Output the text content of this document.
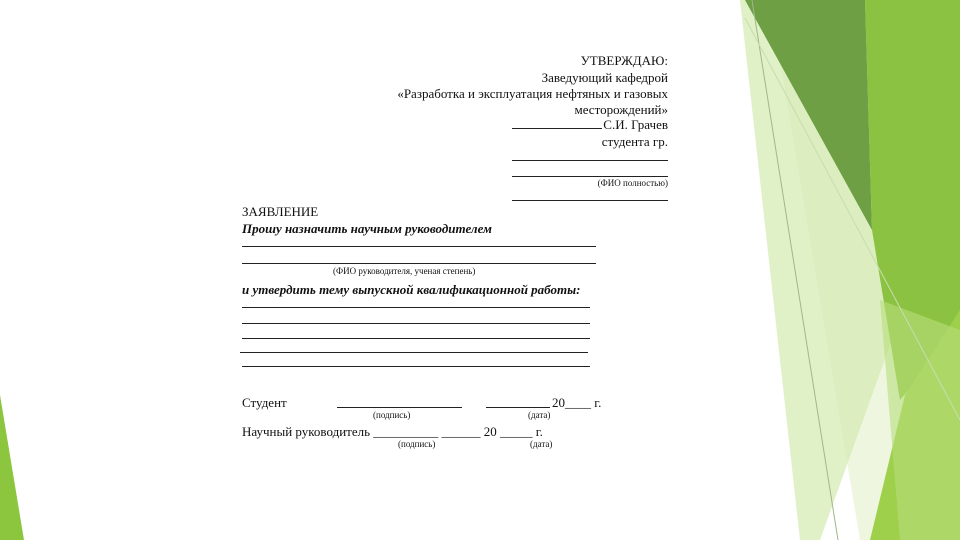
УТВЕРЖДАЮ:
Заведующий кафедрой
«Разработка и эксплуатация нефтяных и газовых
месторождений»
С.И. Грачев
студента гр.
(ФИО полностью)
ЗАЯВЛЕНИЕ
Прошу назначить научным руководителем
(ФИО руководителя, ученая степень)
и утвердить тему выпускной квалификационной работы:
Студент	20____ г.
(подпись)	(дата)
Научный руководитель __________ ______ 20 _____ г.
(подпись)	(дата)
